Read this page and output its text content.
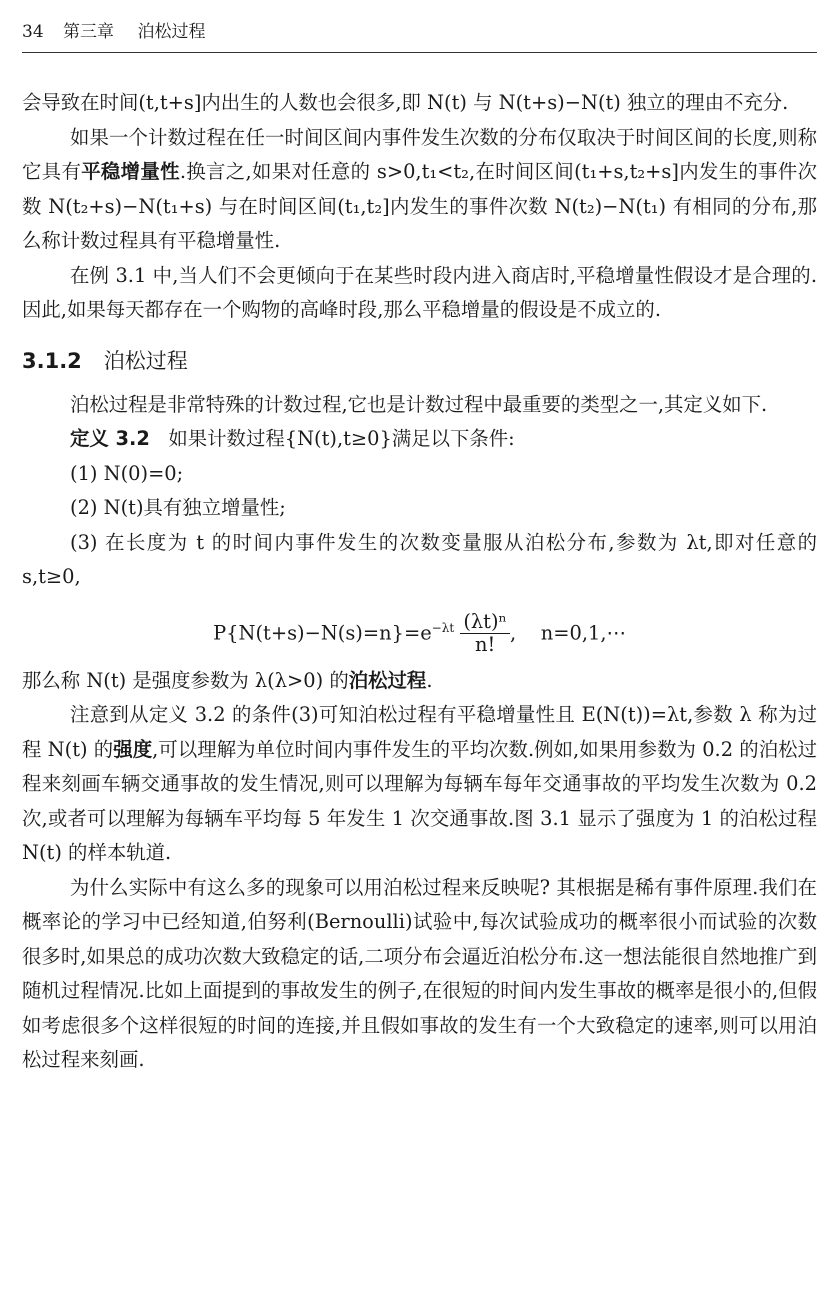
34 第三章 泊松过程

会导致在时间(t,t+s]内出生的人数也会很多,即 N(t) 与 N(t+s)−N(t) 独立的理由不充分.

如果一个计数过程在任一时间区间内事件发生次数的分布仅取决于时间区间的长度,则称它具有平稳增量性.换言之,如果对任意的 s>0,t₁<t₂,在时间区间(t₁+s,t₂+s]内发生的事件次数 N(t₂+s)−N(t₁+s) 与在时间区间(t₁,t₂]内发生的事件次数 N(t₂)−N(t₁) 有相同的分布,那么称计数过程具有平稳增量性.

在例 3.1 中,当人们不会更倾向于在某些时段内进入商店时,平稳增量性假设才是合理的.因此,如果每天都存在一个购物的高峰时段,那么平稳增量的假设是不成立的.

3.1.2 泊松过程

泊松过程是非常特殊的计数过程,它也是计数过程中最重要的类型之一,其定义如下.

定义 3.2 如果计数过程{N(t),t≥0}满足以下条件:

(1) N(0)=0;

(2) N(t)具有独立增量性;

(3) 在长度为 t 的时间内事件发生的次数变量服从泊松分布,参数为 λt,即对任意的 s,t≥0,

$P\{N(t+s)-N(s)=n\}=e^{-\lambda t} \frac{\text{(λt)ⁿ}}{n!}$ ,    n=0,1,⋯

那么称 N(t) 是强度参数为 λ(λ>0) 的泊松过程.

注意到从定义 3.2 的条件(3)可知泊松过程有平稳增量性且 E(N(t))=λt,参数 λ 称为过程 N(t) 的强度,可以理解为单位时间内事件发生的平均次数.例如,如果用参数为 0.2 的泊松过程来刻画车辆交通事故的发生情况,则可以理解为每辆车每年交通事故的平均发生次数为 0.2 次,或者可以理解为每辆车平均每 5 年发生 1 次交通事故.图 3.1 显示了强度为 1 的泊松过程 N(t) 的样本轨道.

为什么实际中有这么多的现象可以用泊松过程来反映呢? 其根据是稀有事件原理.我们在概率论的学习中已经知道,伯努利(Bernoulli)试验中,每次试验成功的概率很小而试验的次数很多时,如果总的成功次数大致稳定的话,二项分布会逼近泊松分布.这一想法能很自然地推广到随机过程情况.比如上面提到的事故发生的例子,在很短的时间内发生事故的概率是很小的,但假如考虑很多个这样很短的时间的连接,并且假如事故的发生有一个大致稳定的速率,则可以用泊松过程来刻画.
